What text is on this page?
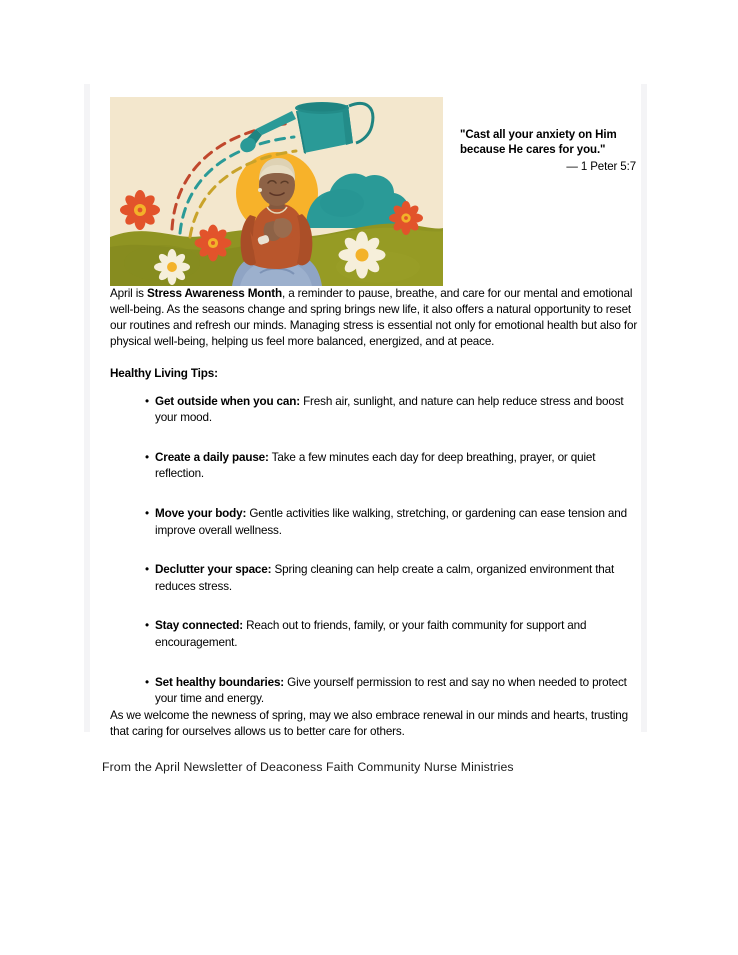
"Cast all your anxiety on Him because He cares for you."
— 1 Peter 5:7

April is Stress Awareness Month, a reminder to pause, breathe, and care for our mental and emotional well-being. As the seasons change and spring brings new life, it also offers a natural opportunity to reset our routines and refresh our minds. Managing stress is essential not only for emotional health but also for physical well-being, helping us feel more balanced, energized, and at peace.

Healthy Living Tips:

• Get outside when you can: Fresh air, sunlight, and nature can help reduce stress and boost your mood.
• Create a daily pause: Take a few minutes each day for deep breathing, prayer, or quiet reflection.
• Move your body: Gentle activities like walking, stretching, or gardening can ease tension and improve overall wellness.
• Declutter your space: Spring cleaning can help create a calm, organized environment that reduces stress.
• Stay connected: Reach out to friends, family, or your faith community for support and encouragement.
• Set healthy boundaries: Give yourself permission to rest and say no when needed to protect your time and energy.

As we welcome the newness of spring, may we also embrace renewal in our minds and hearts, trusting that caring for ourselves allows us to better care for others.

From the April Newsletter of Deaconess Faith Community Nurse Ministries
